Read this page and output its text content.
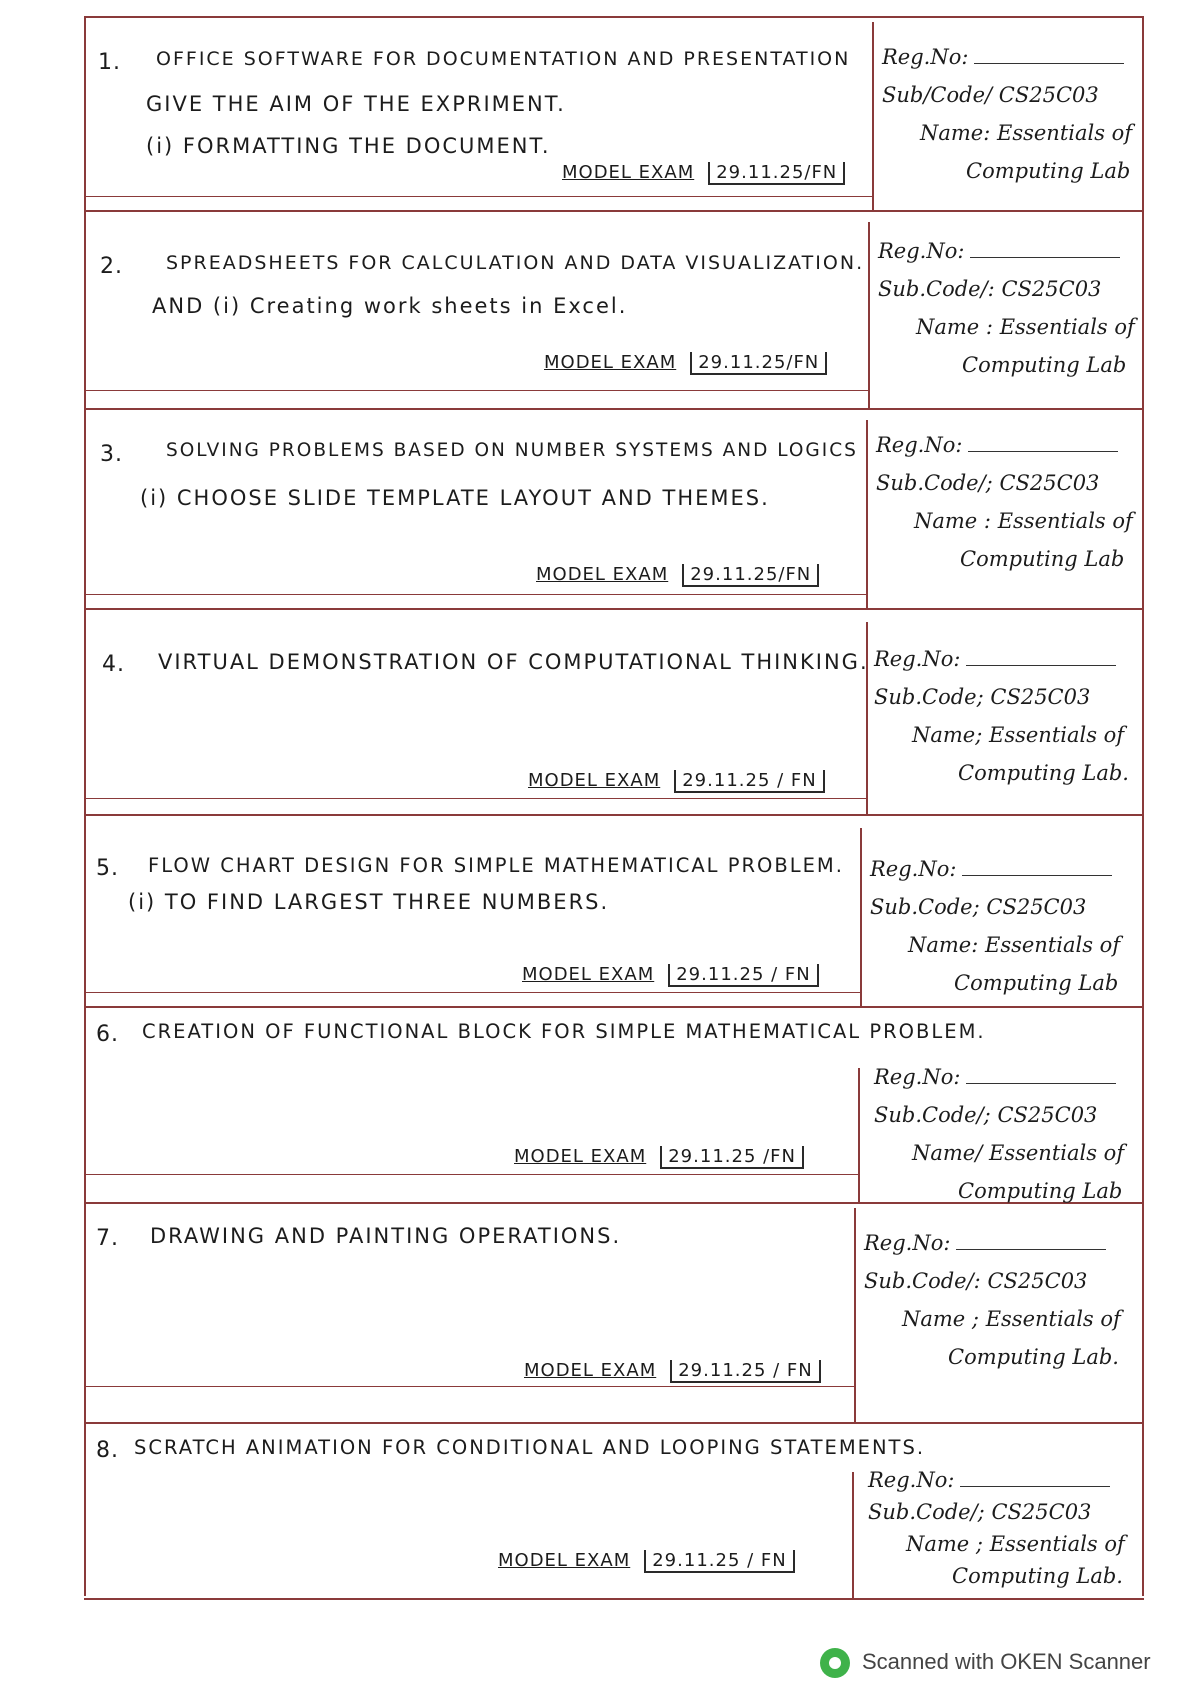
1. OFFICE SOFTWARE FOR DOCUMENTATION AND PRESENTATION
GIVE THE AIM OF THE EXPRIMENT.
(i) FORMATTING THE DOCUMENT.
MODEL EXAM 29.11.25/FN
Reg.No:
Sub/Code/ CS25C03
Name: Essentials of
Computing Lab
2. SPREADSHEETS FOR CALCULATION AND DATA VISUALIZATION.
AND (i) Creating work sheets in Excel.
MODEL EXAM 29.11.25/FN
Reg.No:
Sub.Code/: CS25C03
Name : Essentials of
Computing Lab
3. SOLVING PROBLEMS BASED ON NUMBER SYSTEMS AND LOGICS
(i) CHOOSE SLIDE TEMPLATE LAYOUT AND THEMES.
MODEL EXAM 29.11.25/FN
Reg.No:
Sub.Code/; CS25C03
Name : Essentials of
Computing Lab
4. VIRTUAL DEMONSTRATION OF COMPUTATIONAL THINKING.
MODEL EXAM 29.11.25 / FN
Reg.No:
Sub.Code; CS25C03
Name; Essentials of
Computing Lab.
5. FLOW CHART DESIGN FOR SIMPLE MATHEMATICAL PROBLEM.
(i) TO FIND LARGEST THREE NUMBERS.
MODEL EXAM 29.11.25 / FN
Reg.No:
Sub.Code; CS25C03
Name: Essentials of
Computing Lab
6. CREATION OF FUNCTIONAL BLOCK FOR SIMPLE MATHEMATICAL PROBLEM.
MODEL EXAM 29.11.25 /FN
Reg.No:
Sub.Code/; CS25C03
Name/ Essentials of
Computing Lab
7. DRAWING AND PAINTING OPERATIONS.
MODEL EXAM 29.11.25 / FN
Reg.No:
Sub.Code/: CS25C03
Name ; Essentials of
Computing Lab.
8. SCRATCH ANIMATION FOR CONDITIONAL AND LOOPING STATEMENTS.
MODEL EXAM 29.11.25 / FN
Reg.No:
Sub.Code/; CS25C03
Name ; Essentials of
Computing Lab.
Scanned with OKEN Scanner
